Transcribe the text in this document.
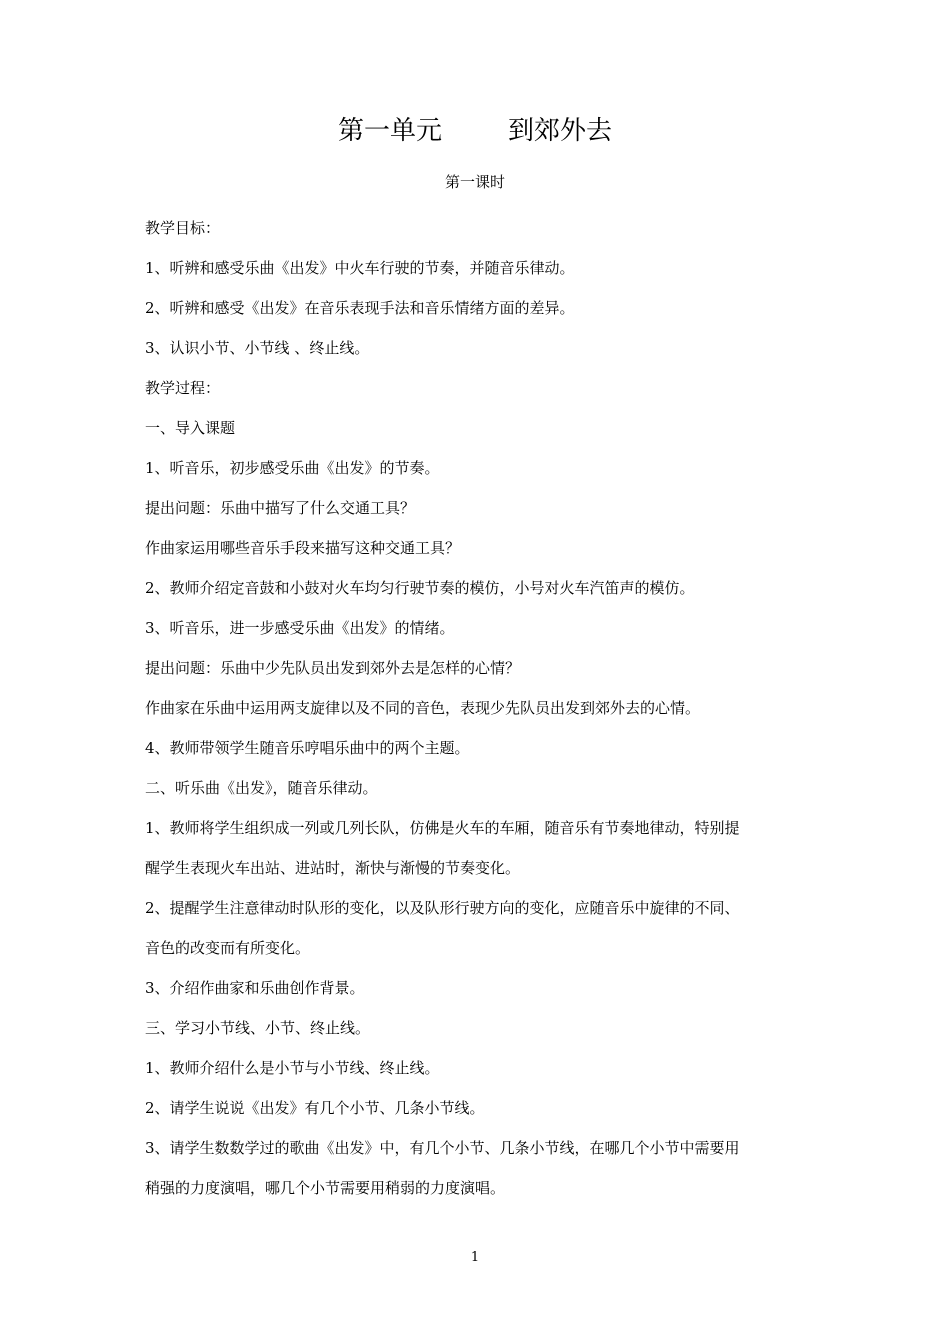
第一单元        到郊外去
第一课时
教学目标：
1、听辨和感受乐曲《出发》中火车行驶的节奏，并随音乐律动。
2、听辨和感受《出发》在音乐表现手法和音乐情绪方面的差异。
3、认识小节、小节线 、终止线。
教学过程：
一、导入课题
1、听音乐，初步感受乐曲《出发》的节奏。
提出问题：乐曲中描写了什么交通工具？
作曲家运用哪些音乐手段来描写这种交通工具？
2、教师介绍定音鼓和小鼓对火车均匀行驶节奏的模仿，小号对火车汽笛声的模仿。
3、听音乐，进一步感受乐曲《出发》的情绪。
提出问题：乐曲中少先队员出发到郊外去是怎样的心情？
作曲家在乐曲中运用两支旋律以及不同的音色，表现少先队员出发到郊外去的心情。
4、教师带领学生随音乐哼唱乐曲中的两个主题。
二、听乐曲《出发》，随音乐律动。
1、教师将学生组织成一列或几列长队，仿佛是火车的车厢，随音乐有节奏地律动，特别提
醒学生表现火车出站、进站时，渐快与渐慢的节奏变化。
2、提醒学生注意律动时队形的变化，以及队形行驶方向的变化，应随音乐中旋律的不同、
音色的改变而有所变化。
3、介绍作曲家和乐曲创作背景。
三、学习小节线、小节、终止线。
1、教师介绍什么是小节与小节线、终止线。
2、请学生说说《出发》有几个小节、几条小节线。
3、请学生数数学过的歌曲《出发》中，有几个小节、几条小节线，在哪几个小节中需要用
稍强的力度演唱，哪几个小节需要用稍弱的力度演唱。
1
